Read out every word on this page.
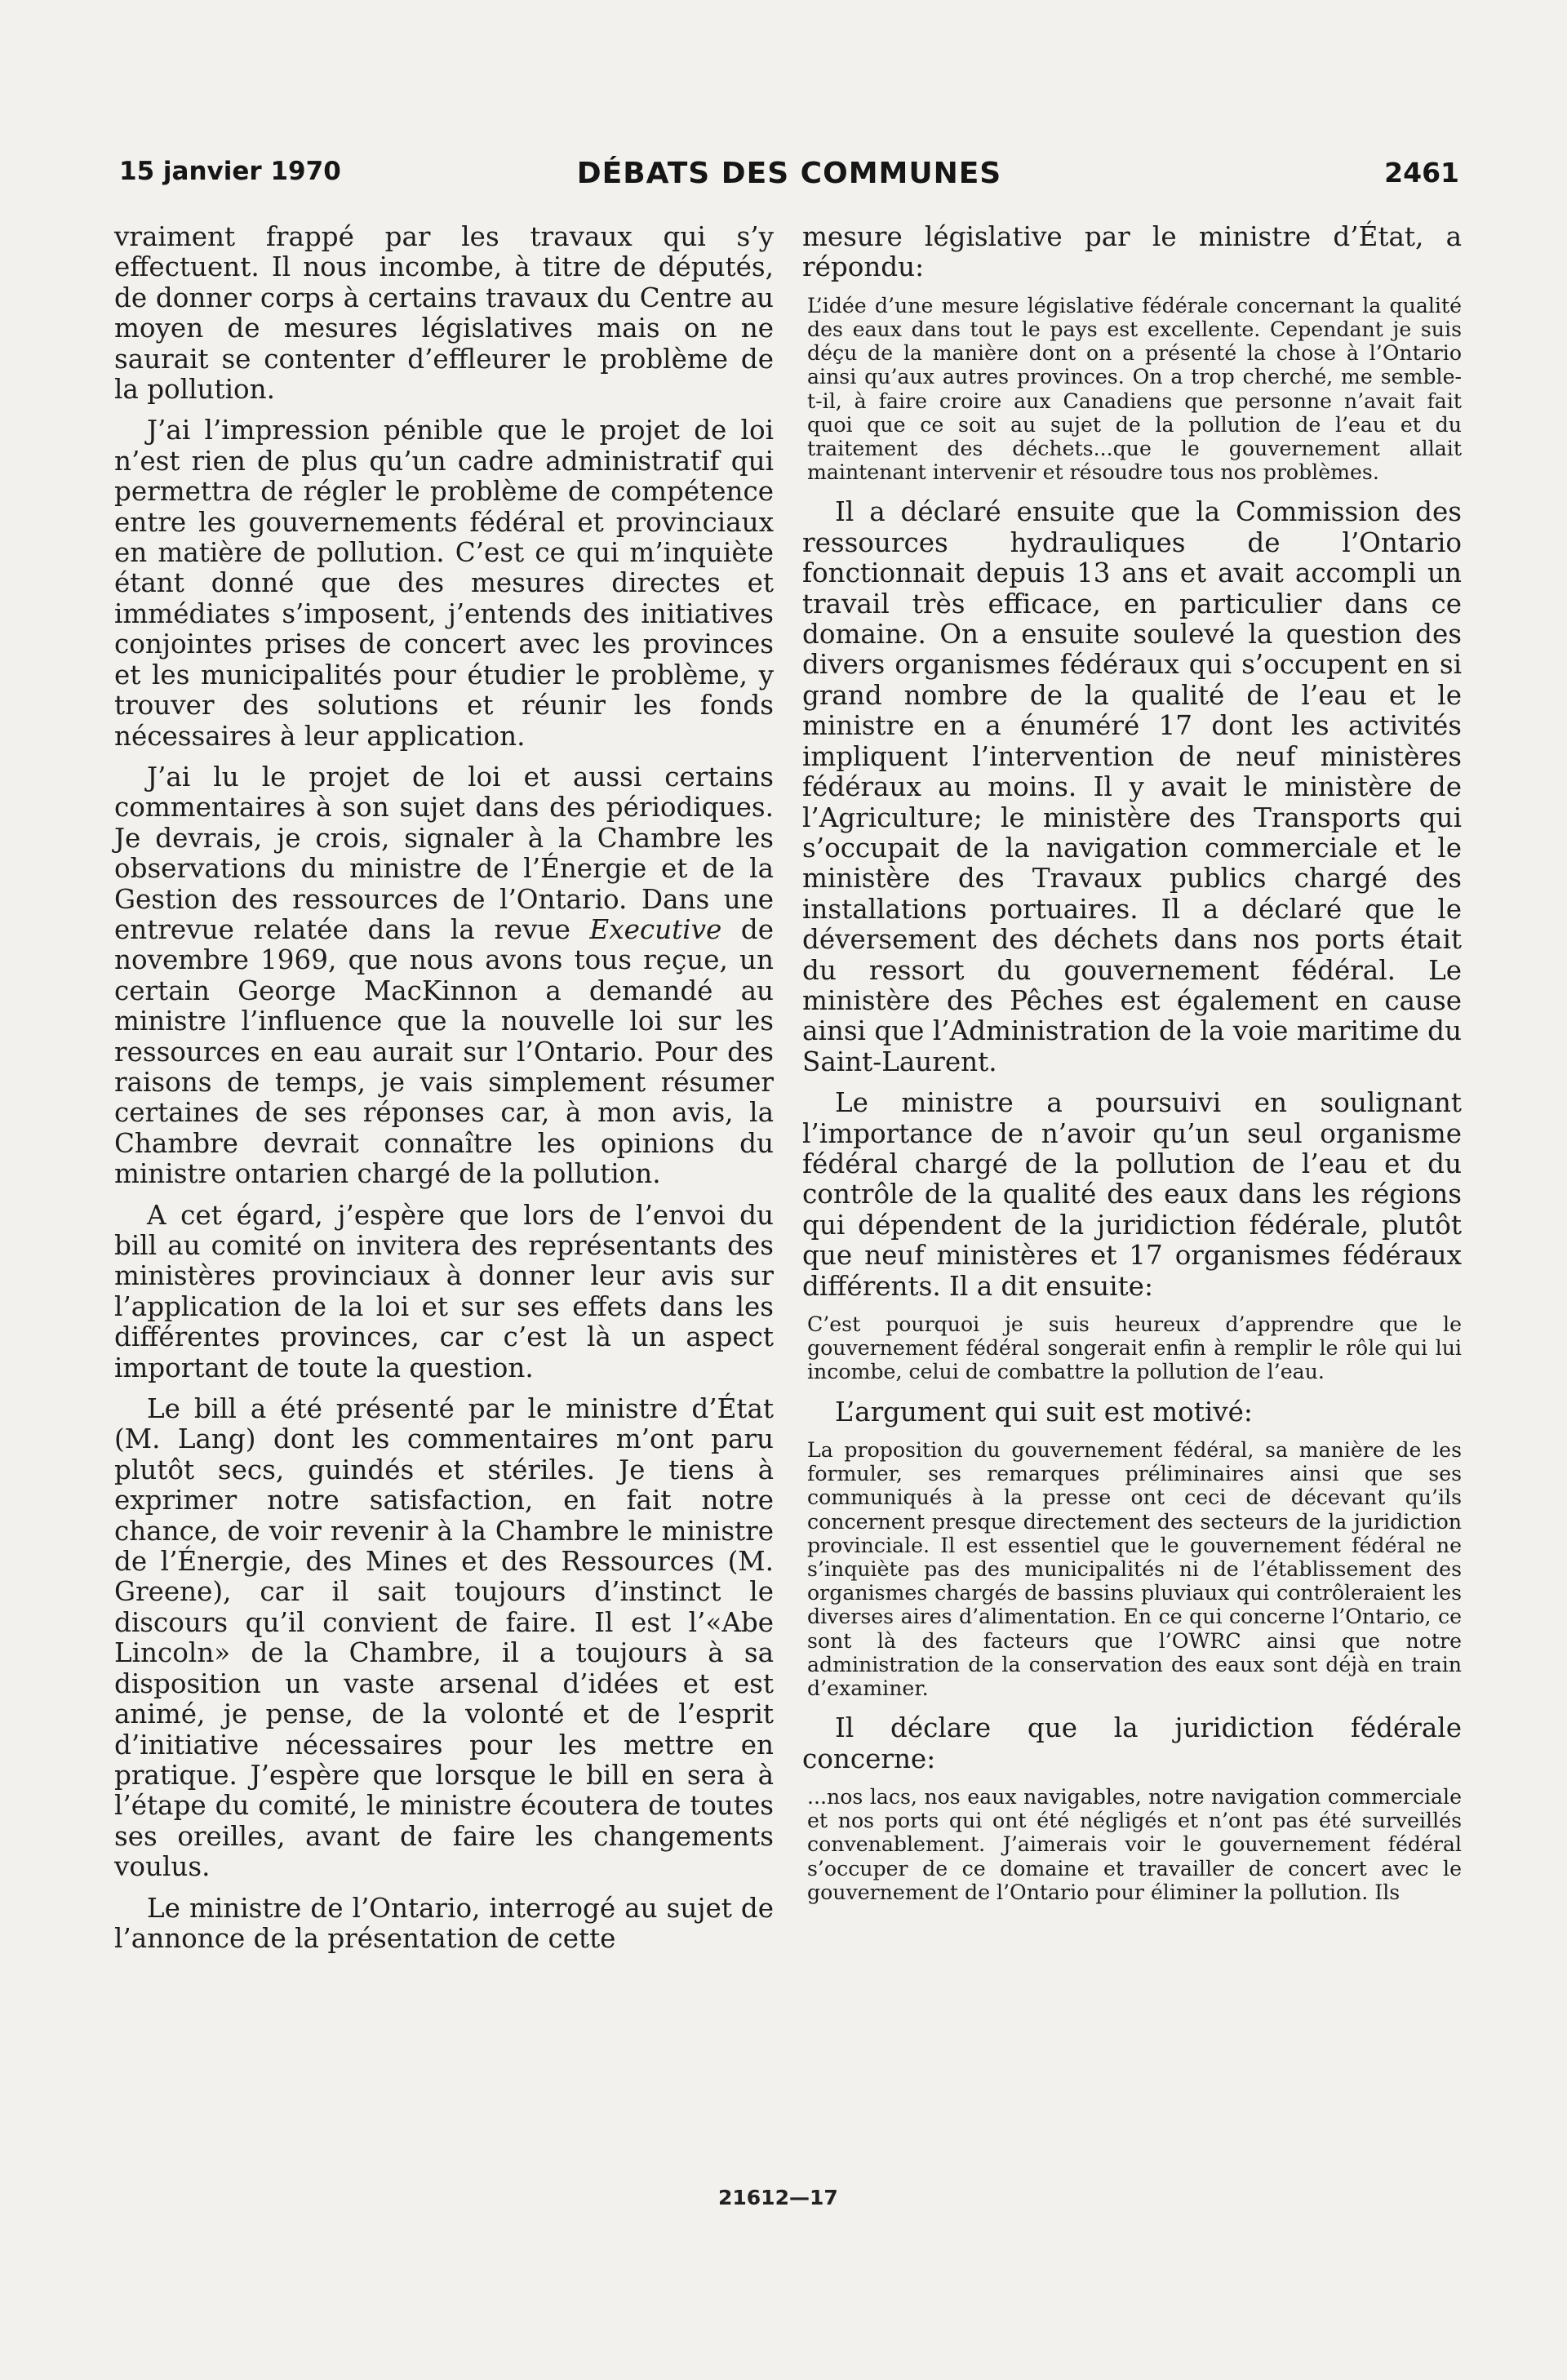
15 janvier 1970	DÉBATS DES COMMUNES	2461

vraiment frappé par les travaux qui s’y effectuent. Il nous incombe, à titre de députés, de donner corps à certains travaux du Centre au moyen de mesures législatives mais on ne saurait se contenter d’effleurer le problème de la pollution.

J’ai l’impression pénible que le projet de loi n’est rien de plus qu’un cadre administratif qui permettra de régler le problème de compétence entre les gouvernements fédéral et provinciaux en matière de pollution. C’est ce qui m’inquiète étant donné que des mesures directes et immédiates s’imposent, j’entends des initiatives conjointes prises de concert avec les provinces et les municipalités pour étudier le problème, y trouver des solutions et réunir les fonds nécessaires à leur application.

J’ai lu le projet de loi et aussi certains commentaires à son sujet dans des périodiques. Je devrais, je crois, signaler à la Chambre les observations du ministre de l’Énergie et de la Gestion des ressources de l’Ontario. Dans une entrevue relatée dans la revue Executive de novembre 1969, que nous avons tous reçue, un certain George MacKinnon a demandé au ministre l’influence que la nouvelle loi sur les ressources en eau aurait sur l’Ontario. Pour des raisons de temps, je vais simplement résumer certaines de ses réponses car, à mon avis, la Chambre devrait connaître les opinions du ministre ontarien chargé de la pollution.

A cet égard, j’espère que lors de l’envoi du bill au comité on invitera des représentants des ministères provinciaux à donner leur avis sur l’application de la loi et sur ses effets dans les différentes provinces, car c’est là un aspect important de toute la question.

Le bill a été présenté par le ministre d’État (M. Lang) dont les commentaires m’ont paru plutôt secs, guindés et stériles. Je tiens à exprimer notre satisfaction, en fait notre chance, de voir revenir à la Chambre le ministre de l’Énergie, des Mines et des Ressources (M. Greene), car il sait toujours d’instinct le discours qu’il convient de faire. Il est l’«Abe Lincoln» de la Chambre, il a toujours à sa disposition un vaste arsenal d’idées et est animé, je pense, de la volonté et de l’esprit d’initiative nécessaires pour les mettre en pratique. J’espère que lorsque le bill en sera à l’étape du comité, le ministre écoutera de toutes ses oreilles, avant de faire les changements voulus.

Le ministre de l’Ontario, interrogé au sujet de l’annonce de la présentation de cette

mesure législative par le ministre d’État, a répondu:

L’idée d’une mesure législative fédérale concernant la qualité des eaux dans tout le pays est excellente. Cependant je suis déçu de la manière dont on a présenté la chose à l’Ontario ainsi qu’aux autres provinces. On a trop cherché, me semble-t-il, à faire croire aux Canadiens que personne n’avait fait quoi que ce soit au sujet de la pollution de l’eau et du traitement des déchets...que le gouvernement allait maintenant intervenir et résoudre tous nos problèmes.

Il a déclaré ensuite que la Commission des ressources hydrauliques de l’Ontario fonctionnait depuis 13 ans et avait accompli un travail très efficace, en particulier dans ce domaine. On a ensuite soulevé la question des divers organismes fédéraux qui s’occupent en si grand nombre de la qualité de l’eau et le ministre en a énuméré 17 dont les activités impliquent l’intervention de neuf ministères fédéraux au moins. Il y avait le ministère de l’Agriculture; le ministère des Transports qui s’occupait de la navigation commerciale et le ministère des Travaux publics chargé des installations portuaires. Il a déclaré que le déversement des déchets dans nos ports était du ressort du gouvernement fédéral. Le ministère des Pêches est également en cause ainsi que l’Administration de la voie maritime du Saint-Laurent.

Le ministre a poursuivi en soulignant l’importance de n’avoir qu’un seul organisme fédéral chargé de la pollution de l’eau et du contrôle de la qualité des eaux dans les régions qui dépendent de la juridiction fédérale, plutôt que neuf ministères et 17 organismes fédéraux différents. Il a dit ensuite:

C’est pourquoi je suis heureux d’apprendre que le gouvernement fédéral songerait enfin à remplir le rôle qui lui incombe, celui de combattre la pollution de l’eau.

L’argument qui suit est motivé:

La proposition du gouvernement fédéral, sa manière de les formuler, ses remarques préliminaires ainsi que ses communiqués à la presse ont ceci de décevant qu’ils concernent presque directement des secteurs de la juridiction provinciale. Il est essentiel que le gouvernement fédéral ne s’inquiète pas des municipalités ni de l’établissement des organismes chargés de bassins pluviaux qui contrôleraient les diverses aires d’alimentation. En ce qui concerne l’Ontario, ce sont là des facteurs que l’OWRC ainsi que notre administration de la conservation des eaux sont déjà en train d’examiner.

Il déclare que la juridiction fédérale concerne:

...nos lacs, nos eaux navigables, notre navigation commerciale et nos ports qui ont été négligés et n’ont pas été surveillés convenablement. J’aimerais voir le gouvernement fédéral s’occuper de ce domaine et travailler de concert avec le gouvernement de l’Ontario pour éliminer la pollution. Ils

21612—17
